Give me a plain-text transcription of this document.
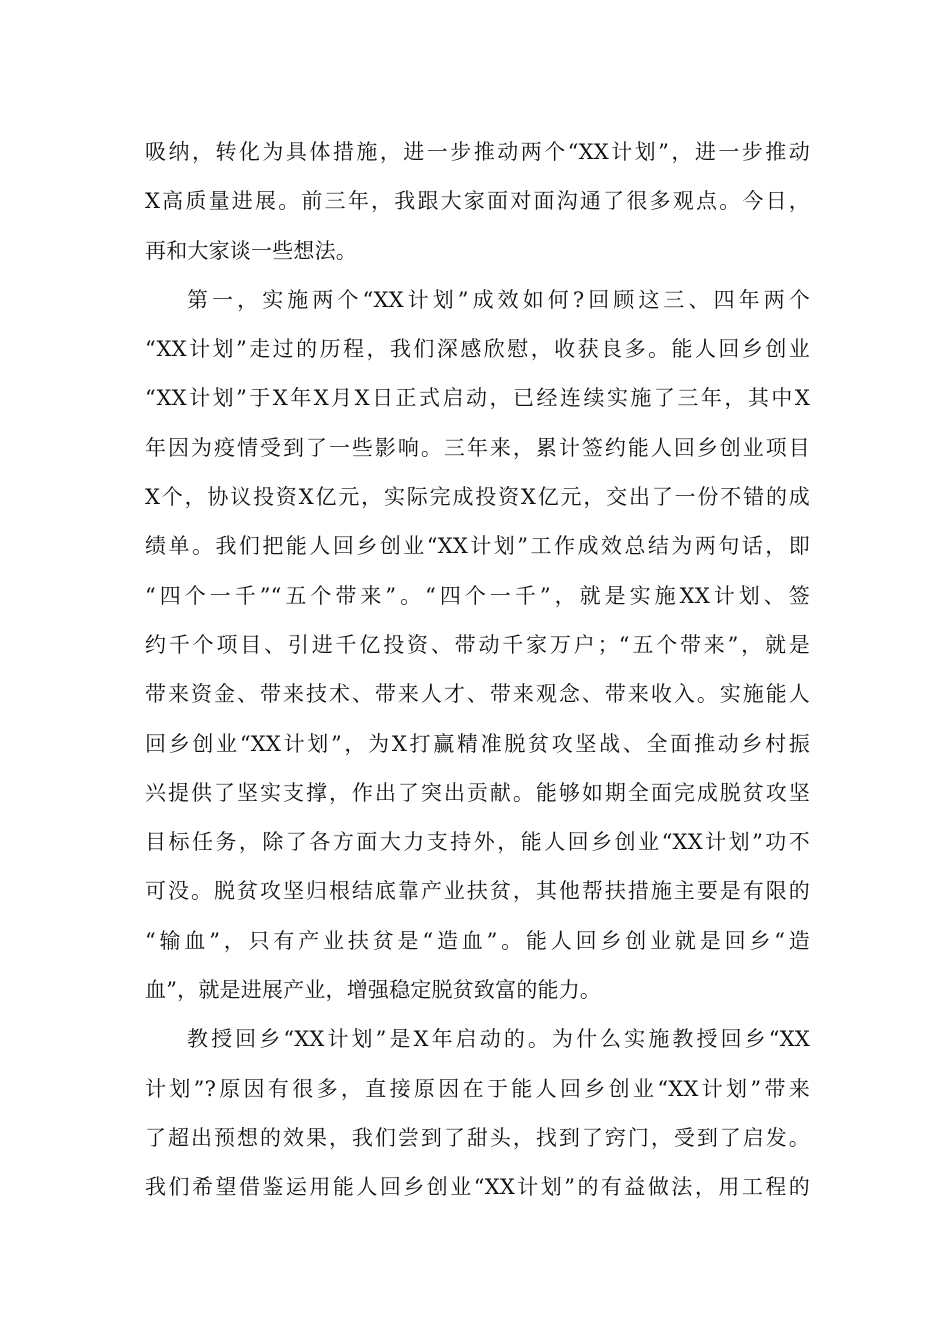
吸纳，转化为具体措施，进一步推动两个“XX计划”，进一步推动
X高质量进展。前三年，我跟大家面对面沟通了很多观点。今日，
再和大家谈一些想法。
第一，实施两个“XX计划”成效如何?回顾这三、四年两个
“XX计划”走过的历程，我们深感欣慰，收获良多。能人回乡创业
“XX计划”于X年X月X日正式启动，已经连续实施了三年，其中X
年因为疫情受到了一些影响。三年来，累计签约能人回乡创业项目
X个，协议投资X亿元，实际完成投资X亿元，交出了一份不错的成
绩单。我们把能人回乡创业“XX计划”工作成效总结为两句话，即
“四个一千”“五个带来”。“四个一千”，就是实施XX计划、签
约千个项目、引进千亿投资、带动千家万户；“五个带来”，就是
带来资金、带来技术、带来人才、带来观念、带来收入。实施能人
回乡创业“XX计划”，为X打赢精准脱贫攻坚战、全面推动乡村振
兴提供了坚实支撑，作出了突出贡献。能够如期全面完成脱贫攻坚
目标任务，除了各方面大力支持外，能人回乡创业“XX计划”功不
可没。脱贫攻坚归根结底靠产业扶贫，其他帮扶措施主要是有限的
“输血”，只有产业扶贫是“造血”。能人回乡创业就是回乡“造
血”，就是进展产业，增强稳定脱贫致富的能力。
教授回乡“XX计划”是X年启动的。为什么实施教授回乡“XX
计划”?原因有很多，直接原因在于能人回乡创业“XX计划”带来
了超出预想的效果，我们尝到了甜头，找到了窍门，受到了启发。
我们希望借鉴运用能人回乡创业“XX计划”的有益做法，用工程的
